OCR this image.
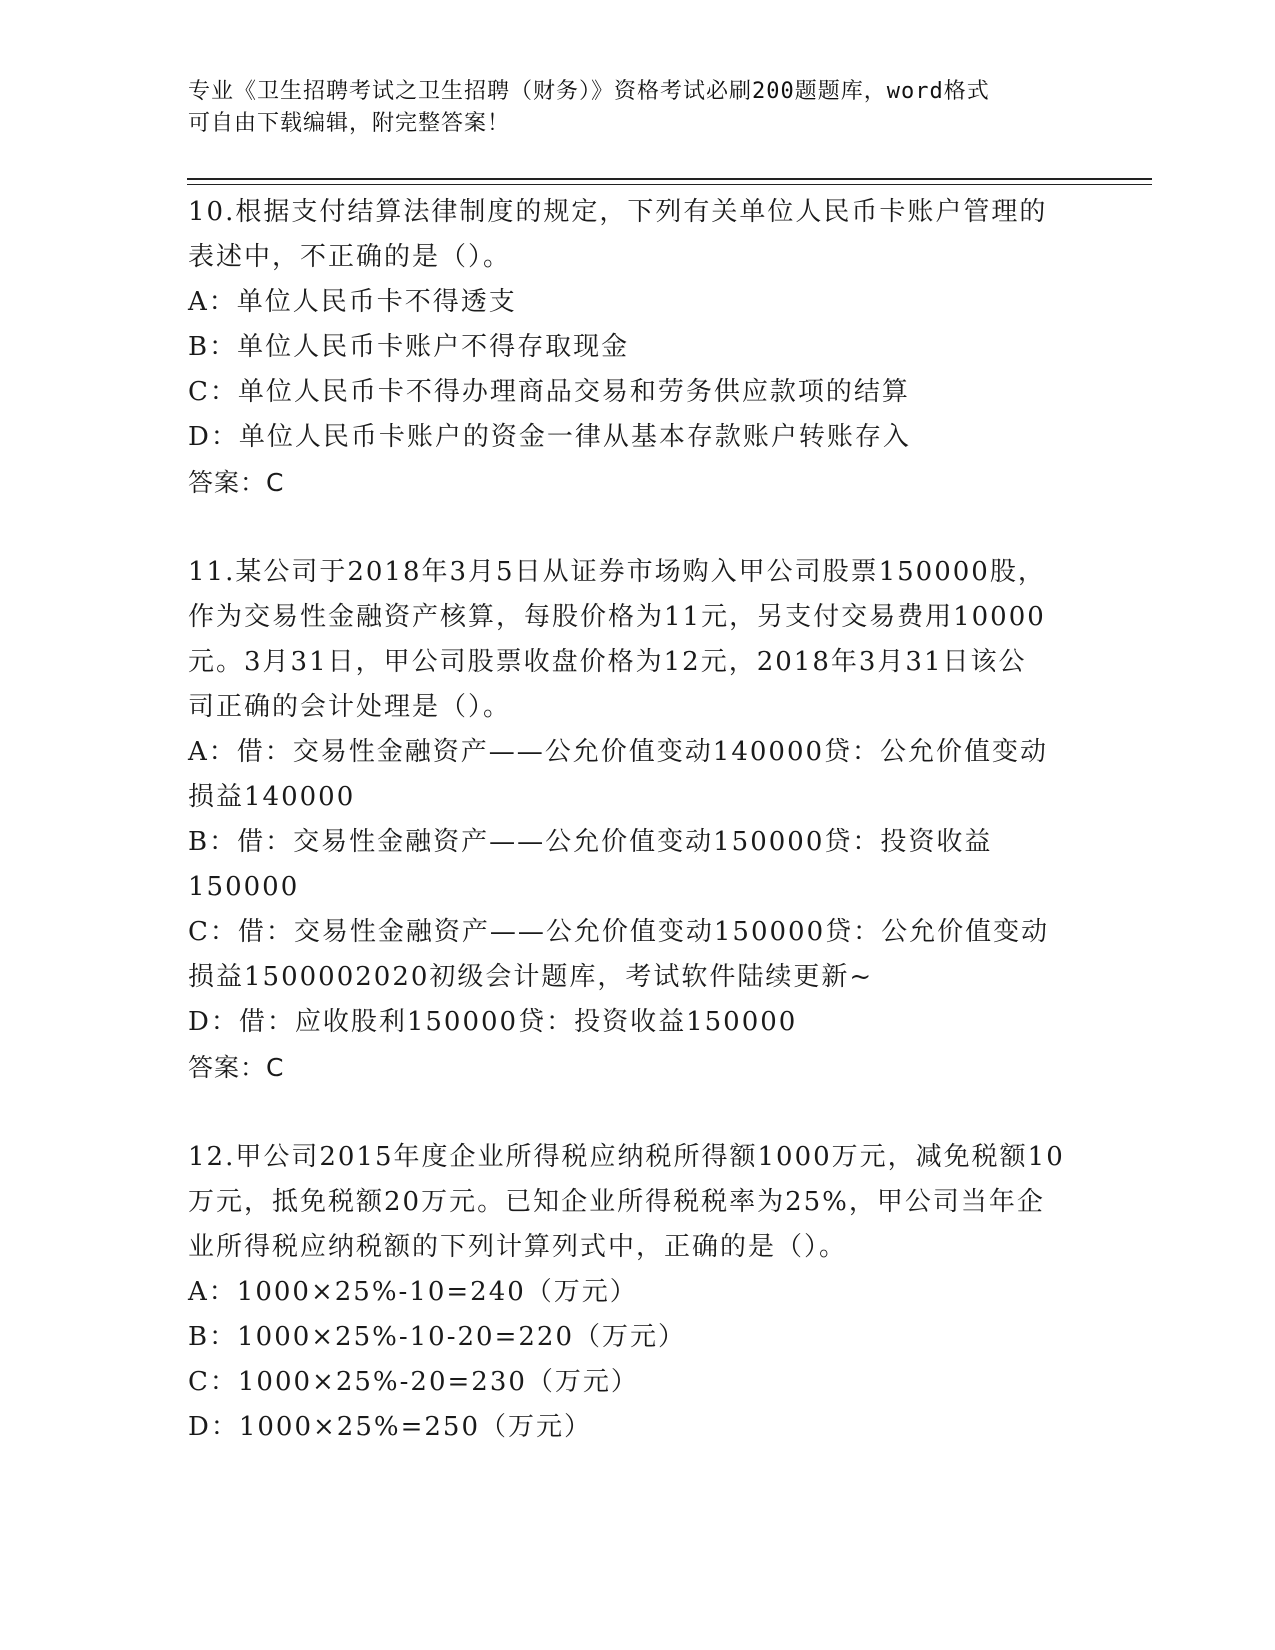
专业《卫生招聘考试之卫生招聘（财务）》资格考试必刷200题题库，word格式

可自由下载编辑，附完整答案！

10.根据支付结算法律制度的规定，下列有关单位人民币卡账户管理的

表述中，不正确的是（）。

A：单位人民币卡不得透支

B：单位人民币卡账户不得存取现金

C：单位人民币卡不得办理商品交易和劳务供应款项的结算

D：单位人民币卡账户的资金一律从基本存款账户转账存入

答案：C

11.某公司于2018年3月5日从证券市场购入甲公司股票150000股，

作为交易性金融资产核算，每股价格为11元，另支付交易费用10000

元。3月31日，甲公司股票收盘价格为12元，2018年3月31日该公

司正确的会计处理是（）。

A：借：交易性金融资产——公允价值变动140000贷：公允价值变动

损益140000

B：借：交易性金融资产——公允价值变动150000贷：投资收益

150000

C：借：交易性金融资产——公允价值变动150000贷：公允价值变动

损益1500002020初级会计题库，考试软件陆续更新~

D：借：应收股利150000贷：投资收益150000

答案：C

12.甲公司2015年度企业所得税应纳税所得额1000万元，减免税额10

万元，抵免税额20万元。已知企业所得税税率为25%，甲公司当年企

业所得税应纳税额的下列计算列式中，正确的是（）。

A：1000×25%-10=240（万元）

B：1000×25%-10-20=220（万元）

C：1000×25%-20=230（万元）

D：1000×25%=250（万元）
